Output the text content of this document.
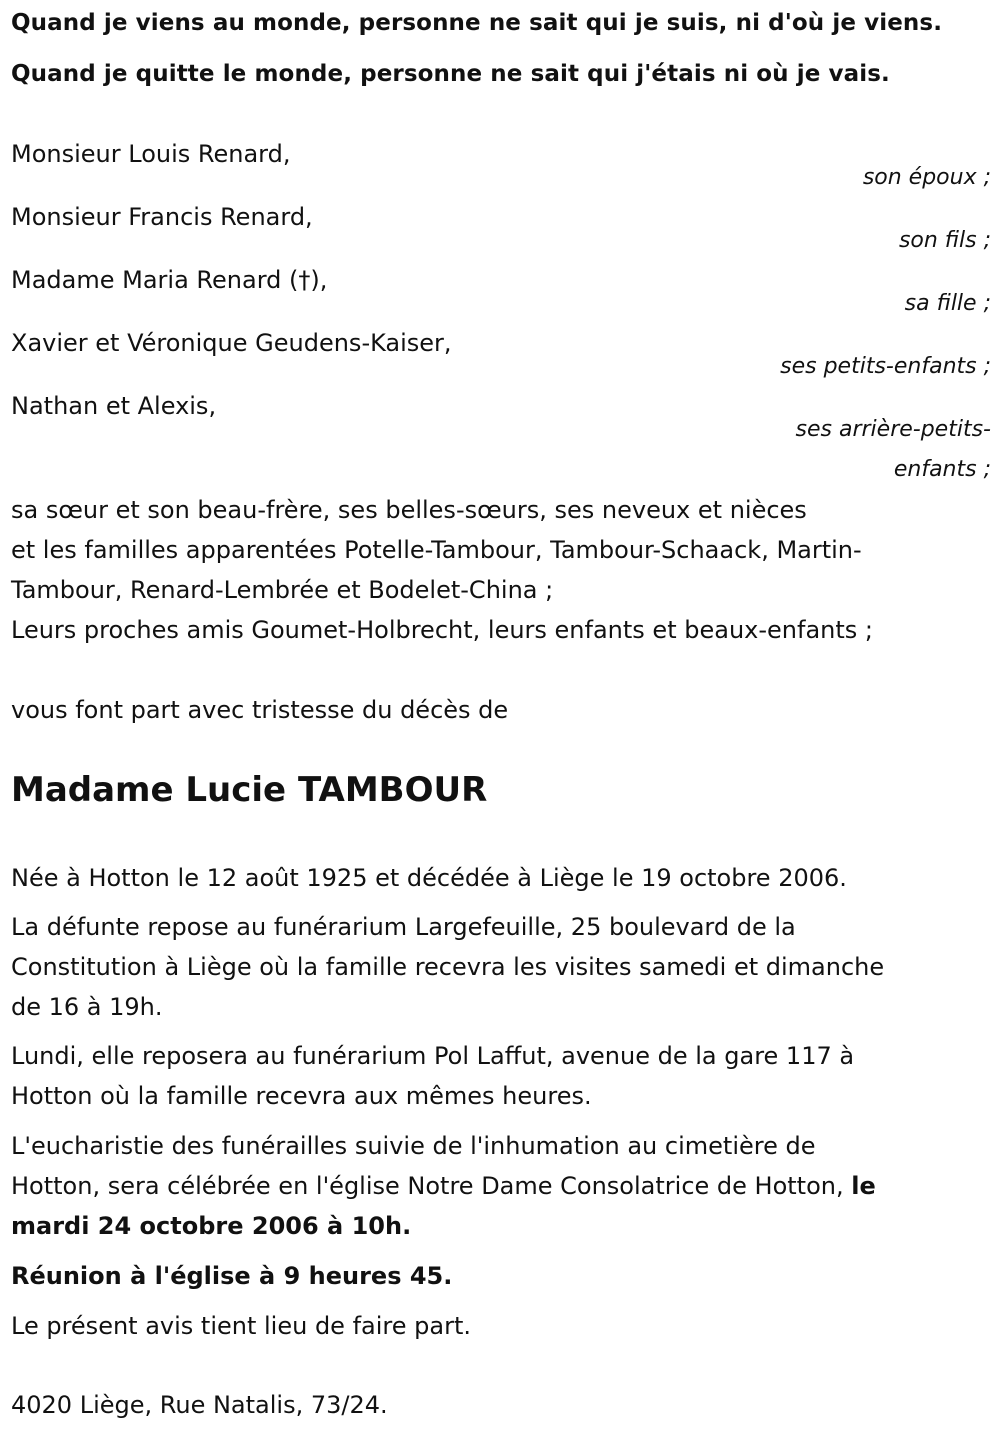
Quand je viens au monde, personne ne sait qui je suis, ni d'où je viens.
Quand je quitte le monde, personne ne sait qui j'étais ni où je vais.
Monsieur Louis Renard,
son époux ;
Monsieur Francis Renard,
son fils ;
Madame Maria Renard (†),
sa fille ;
Xavier et Véronique Geudens-Kaiser,
ses petits-enfants ;
Nathan et Alexis,
ses arrière-petits-
enfants ;
sa sœur et son beau-frère, ses belles-sœurs, ses neveux et nièces
et les familles apparentées Potelle-Tambour, Tambour-Schaack, Martin-
Tambour, Renard-Lembrée et Bodelet-China ;
Leurs proches amis Goumet-Holbrecht, leurs enfants et beaux-enfants ;
vous font part avec tristesse du décès de
Madame Lucie TAMBOUR
Née à Hotton le 12 août 1925 et décédée à Liège le 19 octobre 2006.
La défunte repose au funérarium Largefeuille, 25 boulevard de la
Constitution à Liège où la famille recevra les visites samedi et dimanche
de 16 à 19h.
Lundi, elle reposera au funérarium Pol Laffut, avenue de la gare 117 à
Hotton où la famille recevra aux mêmes heures.
L'eucharistie des funérailles suivie de l'inhumation au cimetière de
Hotton, sera célébrée en l'église Notre Dame Consolatrice de Hotton, le
mardi 24 octobre 2006 à 10h.
Réunion à l'église à 9 heures 45.
Le présent avis tient lieu de faire part.
4020 Liège, Rue Natalis, 73/24.
